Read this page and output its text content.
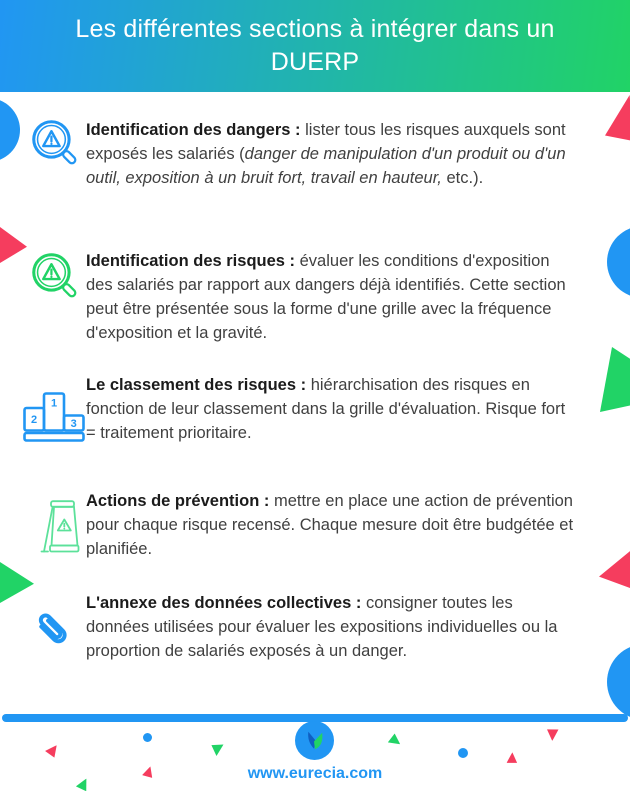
Les différentes sections à intégrer dans un DUERP
Identification des dangers : lister tous les risques auxquels sont exposés les salariés (danger de manipulation d'un produit ou d'un outil, exposition à un bruit fort, travail en hauteur, etc.).
Identification des risques : évaluer les conditions d'exposition des salariés par rapport aux dangers déjà identifiés. Cette section peut être présentée sous la forme d'une grille avec la fréquence d'exposition et la gravité.
2
1
3
Le classement des risques : hiérarchisation des risques en fonction de leur classement dans la grille d'évaluation. Risque fort = traitement prioritaire.
Actions de prévention : mettre en place une action de prévention pour chaque risque recensé. Chaque mesure doit être budgétée et planifiée.
L'annexe des données collectives : consigner toutes les données utilisées pour évaluer les expositions individuelles ou la proportion de salariés exposés à un danger.
www.eurecia.com
